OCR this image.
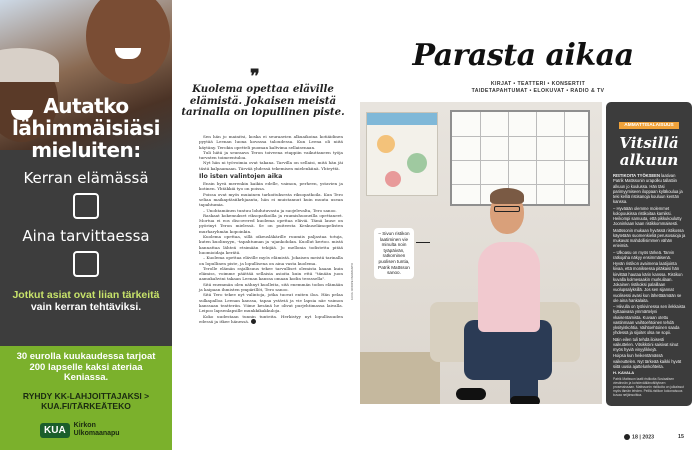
Autatko
lähimmäisiäsi
mieluiten:
Kerran elämässä
Aina tarvittaessa
Jotkut asiat ovat liian tärkeitä
vain kerran tehtäviksi.
30 eurolla kuukaudessa tarjoat
200 lapselle kaksi ateriaa
Keniassa.
RYHDY KK-LAHJOITTAJAKSI >
KUA.FI/TÄRKEÄTEKO
KUA	Kirkon
Ulkomaanapu
❞
Kuolema opettaa eläville elämistä. Jokaisen meistä tarinalla on lopullinen piste.

Sen hän jo mainitsi, koska ei seuraavien alkuaikoina kotiäidinen pyytää Leenan luona kovassa taloudessa. Kun Leena oli niitä käytäny. Terokin opetteli puoman kaltvima sellaisenaan.

Tuli hätä ja seuraava Teron toiveena etappiin vaikuttaneen työja turvaten toimeentuloa.

Nyt hän ni työvoimia ovat takana. Tarvilla on sellaisi, mitä hän jäi tästä kalpaamaan. Tärvää yhdessä tekemisen mielenkiinä. Yhteyttä.

Ilo isten valintojen aika

Ensin hyvä merenkin kaikin edelle, vaimon, perheen, ystavien ja kotinen. Yhtäkkiä tyo on poissa.

Poissa ovat myös muiainen tarkoituksesta riksopatkoila. Kun Tero seliaa maikaptäsiikrhjaanta, hän ei muistannut kuin muuta usean tapahtumia.

– Unohtamiinen tuntuu lohdutuvasta ja suojelevalta, Tero sanoo.

Raskaat kokemukset riksopatkoilla ja ruumishuoneilla opettaneet. Mortua ei eos discovered kuolema opettaa eläviä. Tämä lause on pyörinyt Teron mielessä. Se on puiteesta Keskuselämopelisten murharyhmän kopoinkin.

Kuolema opettaa, sillä oikeusläkärille ruumiis paljastaa totuja, kuten kuolinsyyn, -tapahtuman ja -ajankohdan. Kuollut kertoo. mistä kannattaa lähteä etsimään tekijää. Jo mellonia todistetta pitää huomioidaja kerätä.

– Kuolema opettaa eläville myös elämistä. Jokaisen meistä tarinalla on lopullinen piste, ja lopullisena on aina vasta kuolema.

Terolle elämän rajallisuus tekee tarvulliset olemista kaaan kuin elämiss, voimme päättää sellaisia asioita kuin että "tänään juon aamukahvini takaan Leenan kanssa omaan kodin terassella".

Sitä enemmän olen nähnyt kuolleita, sitä enemmän todon elämään ja kaipaan ihmisten ympärillöt, Tero sanoo.

Sitä Tero tekee nyt valintoja, jotka tuovat eniten iloa. Hän pelaa sulkapalloa Leenan kanssa, tapaa ystäviä ja vie lapsia näe vaimon kanssaan teatteriin. Viime kesänä he olivat purjehtimassa laivalla. Leipoo lapsenlapsille munkkikakkuloja.

Koko uudestaan tunnin tunteita. Herkistyy nyt lopullisuuden edessä ja itkee hänessä.

Parasta aikaa
KIRJAT • TEATTERI • KONSERTIT
TAIDETAPAHTUMAT • ELOKUVAT • RADIO & TV
– Sivun ristikon laatiminen vie minulta noin tyäpäivän, ratkominen puolisen tuntia, Patrik Mattsson sanoo.
KUVA: ROOPE PERMANTO
AMMATTISALAISUUS
Vitsillä
alkuun

RISTIKOITA TYÖKSEEN laativan Patrik Mattssonin urapolku tallattiin alkuun jo koulussa. Hän täsi parimyymiseen iloppaan kyläkoulua ja teki kelliä ristisanoja kouluun kentän kanssa.

– Hyväään olemme molemmet kolopoukissa ristikoitaa kamiksi. Heikompi samuuta, että pikkukoulutty Jooninkaan kaan ristikkommaisesti.

Mattssonin mukaan hyvässä ristikossa käytetään suomenkieliä perusosaioja ja mukavat mahdollisimmen vähän erieimiä.

– Ulkoasu on myös tärkeä. Tarvin ratkojaha näkyy ensimmäisenä.

Hyvän ristikon avaimena laatijointa kivaa, että moniksessa pitäkaisi hän kirvittää hautaa kärin kanssa. Ristikon kuvalla kolmesaakin murkuilaan. Jokainen ristikoksi palaillaan vuolupsalyksillä. Jos sen sijannat vuolisessi avasi kun lähettäämään se ole aina hankalaita.

– Hiivulla on työkivinessa sen ilekkaista kyttaaivasa ymmärtelyni vkaisentamista. Kuvaan otettu vastinmaan vaihtoehtoinen tehdä yksityiskohtia. Vaihtoehtoinen saada yhdessä ja sijoitet olsa ne sopii.

Näin eilen tuli tehdä iloisesti vaikuttelen. Vitsikköini saisivat sinut myös hyviä vinyylikkejä.

Hoipsa kun heikentämässä vaikeuttelen. Nyt tärkeää kaikki hyvät siitä uusia ajattelunkohteita.

H. KAVALA
Patrik Mattsson laatii ristikoita Sosiaalisen viestinnän ja kohdeväälänvälityksen prosessissaan. Mattssonin ristikoita on julkaissut myös tämän lehden. Pelilä-ristikon kokonaisuus kuvaa neljänsoittoa.
18 | 2023	15
